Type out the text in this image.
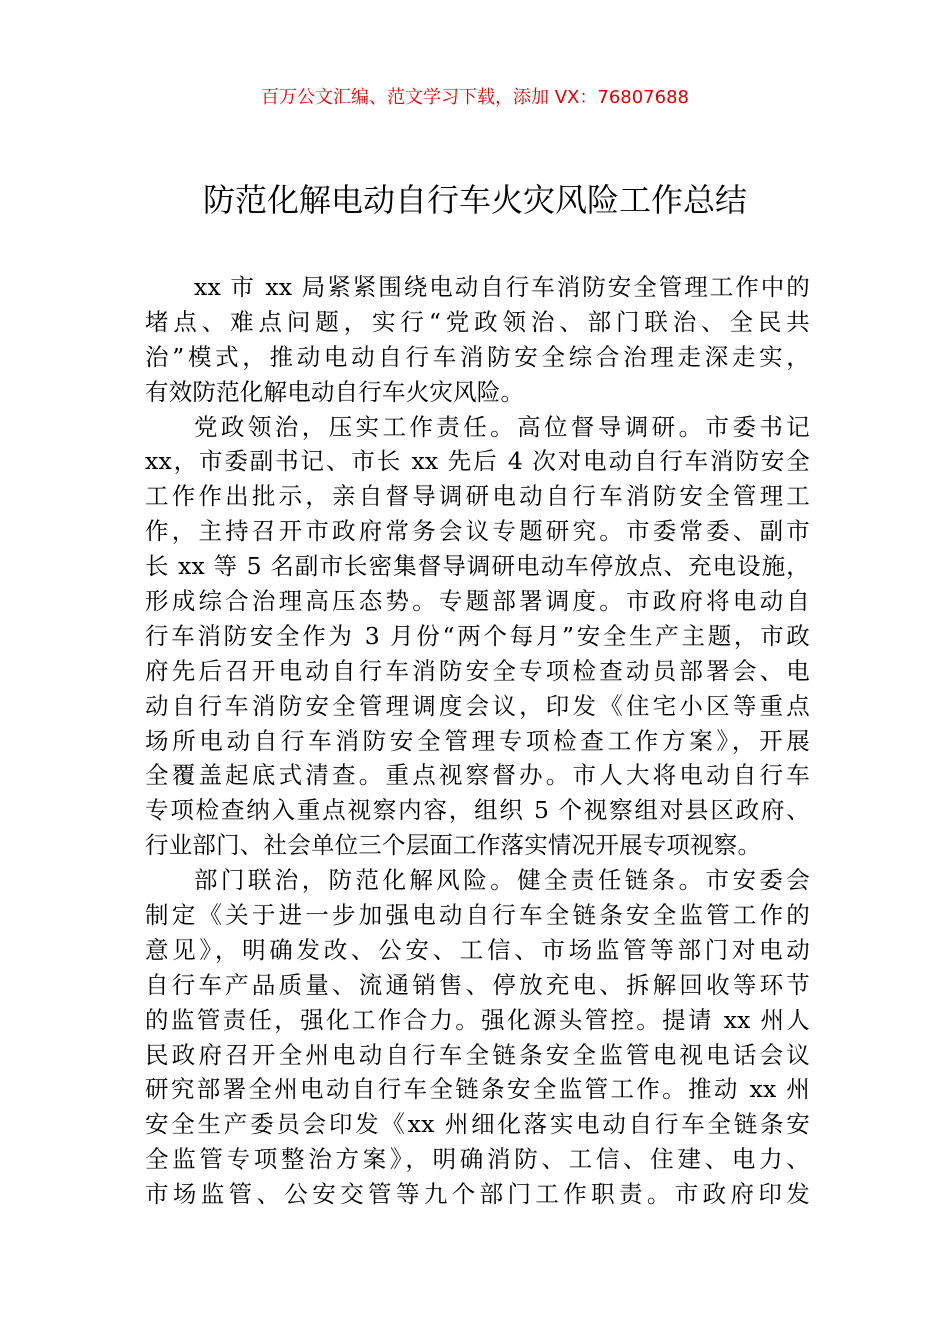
百万公文汇编、范文学习下载，添加 VX：76807688
防范化解电动自行车火灾风险工作总结
xx 市 xx 局紧紧围绕电动自行车消防安全管理工作中的
堵点、难点问题，实行“党政领治、部门联治、全民共
治”模式，推动电动自行车消防安全综合治理走深走实，
有效防范化解电动自行车火灾风险。
党政领治，压实工作责任。高位督导调研。市委书记
xx，市委副书记、市长 xx 先后 4 次对电动自行车消防安全
工作作出批示，亲自督导调研电动自行车消防安全管理工
作，主持召开市政府常务会议专题研究。市委常委、副市
长 xx 等 5 名副市长密集督导调研电动车停放点、充电设施，
形成综合治理高压态势。专题部署调度。市政府将电动自
行车消防安全作为 3 月份“两个每月”安全生产主题，市政
府先后召开电动自行车消防安全专项检查动员部署会、电
动自行车消防安全管理调度会议，印发《住宅小区等重点
场所电动自行车消防安全管理专项检查工作方案》，开展
全覆盖起底式清查。重点视察督办。市人大将电动自行车
专项检查纳入重点视察内容，组织 5 个视察组对县区政府、
行业部门、社会单位三个层面工作落实情况开展专项视察。
部门联治，防范化解风险。健全责任链条。市安委会
制定《关于进一步加强电动自行车全链条安全监管工作的
意见》，明确发改、公安、工信、市场监管等部门对电动
自行车产品质量、流通销售、停放充电、拆解回收等环节
的监管责任，强化工作合力。强化源头管控。提请 xx 州人
民政府召开全州电动自行车全链条安全监管电视电话会议
研究部署全州电动自行车全链条安全监管工作。推动 xx 州
安全生产委员会印发《xx 州细化落实电动自行车全链条安
全监管专项整治方案》，明确消防、工信、住建、电力、
市场监管、公安交管等九个部门工作职责。市政府印发
